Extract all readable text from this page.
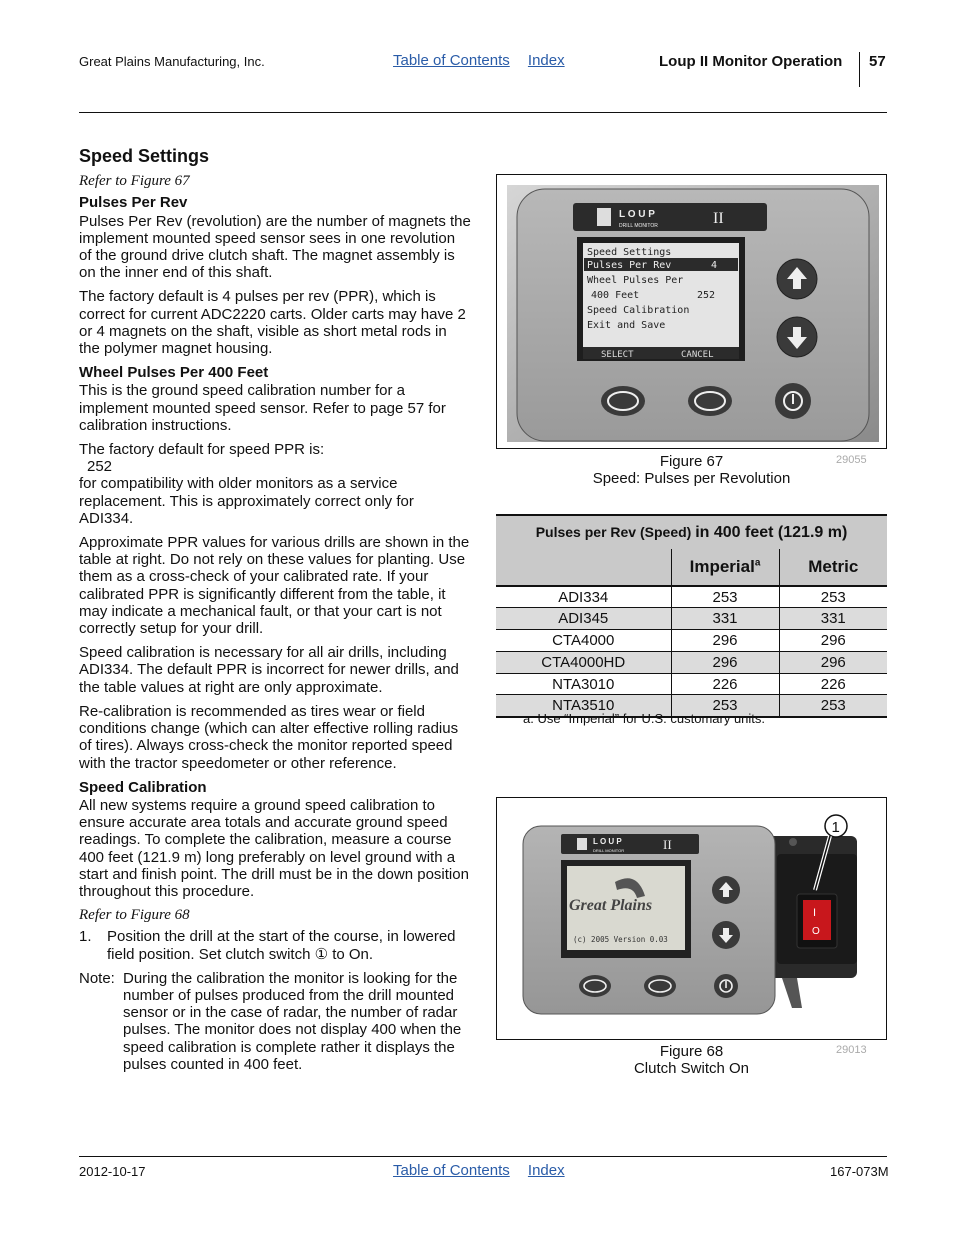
Great Plains Manufacturing, Inc.	Table of Contents Index	Loup II Monitor Operation 57
Speed Settings
Refer to Figure 67
Pulses Per Rev

Pulses Per Rev (revolution) are the number of magnets the implement mounted speed sensor sees in one revolution of the ground drive clutch shaft. The magnet assembly is on the inner end of this shaft.

The factory default is 4 pulses per rev (PPR), which is correct for current ADC2220 carts. Older carts may have 2 or 4 magnets on the shaft, visible as short metal rods in the polymer magnet housing.

Wheel Pulses Per 400 Feet

This is the ground speed calibration number for a implement mounted speed sensor. Refer to page 57 for calibration instructions.

The factory default for speed PPR is:
252
for compatibility with older monitors as a service replacement. This is approximately correct only for ADI334.

Approximate PPR values for various drills are shown in the table at right. Do not rely on these values for planting. Use them as a cross-check of your calibrated rate. If your calibrated PPR is significantly different from the table, it may indicate a mechanical fault, or that your cart is not correctly setup for your drill.

Speed calibration is necessary for all air drills, including ADI334. The default PPR is incorrect for newer drills, and the table values at right are only approximate.

Re-calibration is recommended as tires wear or field conditions change (which can alter effective rolling radius of tires). Always cross-check the monitor reported speed with the tractor speedometer or other reference.

Speed Calibration

All new systems require a ground speed calibration to ensure accurate area totals and accurate ground speed readings. To complete the calibration, measure a course 400 feet (121.9 m) long preferably on level ground with a start and finish point. The drill must be in the down position throughout this procedure.

Refer to Figure 68
1.	Position the drill at the start of the course, in lowered field position. Set clutch switch ① to On.
Note: During the calibration the monitor is looking for the number of pulses produced from the drill mounted sensor or in the case of radar, the number of radar pulses. The monitor does not display 400 when the speed calibration is complete rather it displays the pulses counted in 400 feet.
L O U P
DRILL MONITOR	II
Speed Settings
Pulses Per Rev	4
Wheel Pulses Per
400 Feet	252
Speed Calibration
Exit and Save
SELECT	CANCEL
Figure 67
Speed: Pulses per Revolution
29055
Pulses per Rev (Speed) in 400 feet (121.9 m)		
	Imperial$^a$	Metric
ADI334	253	253
ADI345	331	331
CTA4000	296	296
CTA4000HD	296	296
NTA3010	226	226
NTA3510	253	253
a. Use “Imperial” for U.S. customary units.
I
O
1
L O U P
DRILL MONITOR	II
Great Plains
(c) 2005 Version 0.03
Figure 68
Clutch Switch On
29013
2012-10-17	Table of Contents Index	167-073M
